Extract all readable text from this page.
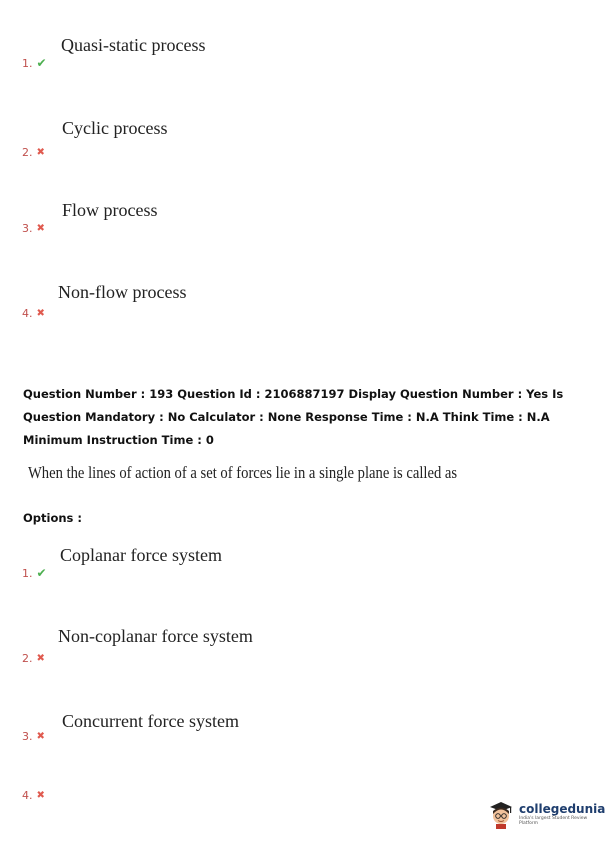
Quasi-static process
1. ✔
Cyclic process
2. ✖
Flow process
3. ✖
Non-flow process
4. ✖
Question Number : 193 Question Id : 2106887197 Display Question Number : Yes Is Question Mandatory : No Calculator : None Response Time : N.A Think Time : N.A Minimum Instruction Time : 0
When the lines of action of a set of forces lie in a single plane is called as
Options :
Coplanar force system
1. ✔
Non-coplanar force system
2. ✖
Concurrent force system
3. ✖
4. ✖
collegedunia
India's largest Student Review Platform
